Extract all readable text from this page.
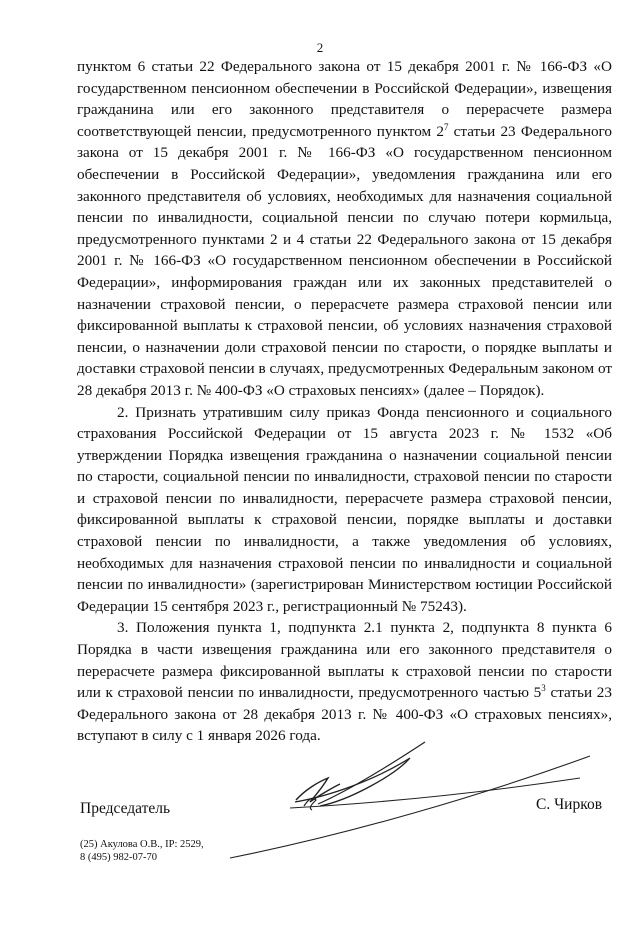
2

пунктом 6 статьи 22 Федерального закона от 15 декабря 2001 г. № 166-ФЗ «О государственном пенсионном обеспечении в Российской Федерации», извещения гражданина или его законного представителя о перерасчете размера соответствующей пенсии, предусмотренного пунктом $2^7$ статьи 23 Федерального закона от 15 декабря 2001 г. № 166-ФЗ «О государственном пенсионном обеспечении в Российской Федерации», уведомления гражданина или его законного представителя об условиях, необходимых для назначения социальной пенсии по инвалидности, социальной пенсии по случаю потери кормильца, предусмотренного пунктами 2 и 4 статьи 22 Федерального закона от 15 декабря 2001 г. № 166-ФЗ «О государственном пенсионном обеспечении в Российской Федерации», информирования граждан или их законных представителей о назначении страховой пенсии, о перерасчете размера страховой пенсии или фиксированной выплаты к страховой пенсии, об условиях назначения страховой пенсии, о назначении доли страховой пенсии по старости, о порядке выплаты и доставки страховой пенсии в случаях, предусмотренных Федеральным законом от 28 декабря 2013 г. № 400-ФЗ «О страховых пенсиях» (далее – Порядок).

2. Признать утратившим силу приказ Фонда пенсионного и социального страхования Российской Федерации от 15 августа 2023 г. № 1532 «Об утверждении Порядка извещения гражданина о назначении социальной пенсии по старости, социальной пенсии по инвалидности, страховой пенсии по старости и страховой пенсии по инвалидности, перерасчете размера страховой пенсии, фиксированной выплаты к страховой пенсии, порядке выплаты и доставки страховой пенсии по инвалидности, а также уведомления об условиях, необходимых для назначения страховой пенсии по инвалидности и социальной пенсии по инвалидности» (зарегистрирован Министерством юстиции Российской Федерации 15 сентября 2023 г., регистрационный № 75243).

3. Положения пункта 1, подпункта 2.1 пункта 2, подпункта 8 пункта 6 Порядка в части извещения гражданина или его законного представителя о перерасчете размера фиксированной выплаты к страховой пенсии по старости или к страховой пенсии по инвалидности, предусмотренного частью $5^3$ статьи 23 Федерального закона от 28 декабря 2013 г. № 400-ФЗ «О страховых пенсиях», вступают в силу с 1 января 2026 года.

Председатель	С. Чирков
(25) Акулова О.В., IP: 2529,
8 (495) 982-07-70
